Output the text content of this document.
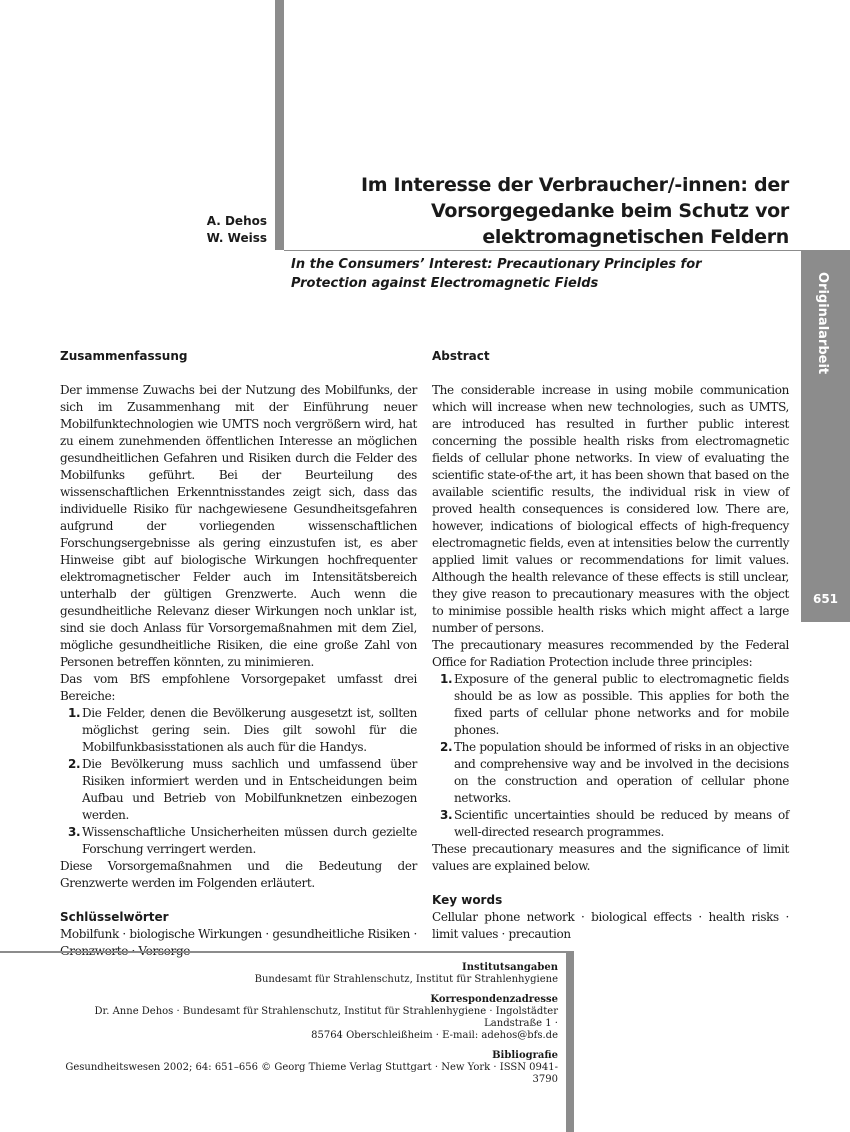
A. Dehos
W. Weiss
Im Interesse der Verbraucher/-innen: der
Vorsorgegedanke beim Schutz vor
elektromagnetischen Feldern
In the Consumers’ Interest: Precautionary Principles for Protection against Electromagnetic Fields	Originalarbeit
651

Zusammenfassung

Der immense Zuwachs bei der Nutzung des Mobilfunks, der sich im Zusammenhang mit der Einführung neuer Mobilfunktechnologien wie UMTS noch vergrößern wird, hat zu einem zunehmenden öffentlichen Interesse an möglichen gesundheitlichen Gefahren und Risiken durch die Felder des Mobilfunks geführt. Bei der Beurteilung des wissenschaftlichen Erkenntnisstandes zeigt sich, dass das individuelle Risiko für nachgewiesene Gesundheitsgefahren aufgrund der vorliegenden wissenschaftlichen Forschungsergebnisse als gering einzustufen ist, es aber Hinweise gibt auf biologische Wirkungen hochfrequenter elektromagnetischer Felder auch im Intensitätsbereich unterhalb der gültigen Grenzwerte. Auch wenn die gesundheitliche Relevanz dieser Wirkungen noch unklar ist, sind sie doch Anlass für Vorsorgemaßnahmen mit dem Ziel, mögliche gesundheitliche Risiken, die eine große Zahl von Personen betreffen könnten, zu minimieren.

Das vom BfS empfohlene Vorsorgepaket umfasst drei Bereiche:

1. Die Felder, denen die Bevölkerung ausgesetzt ist, sollten möglichst gering sein. Dies gilt sowohl für die Mobilfunkbasisstationen als auch für die Handys.
2. Die Bevölkerung muss sachlich und umfassend über Risiken informiert werden und in Entscheidungen beim Aufbau und Betrieb von Mobilfunknetzen einbezogen werden.
3. Wissenschaftliche Unsicherheiten müssen durch gezielte Forschung verringert werden.

Diese Vorsorgemaßnahmen und die Bedeutung der Grenzwerte werden im Folgenden erläutert.

Schlüsselwörter

Mobilfunk · biologische Wirkungen · gesundheitliche Risiken ·

Abstract

The considerable increase in using mobile communication which will increase when new technologies, such as UMTS, are introduced has resulted in further public interest concerning the possible health risks from electromagnetic fields of cellular phone networks. In view of evaluating the scientific state-of-the art, it has been shown that based on the available scientific results, the individual risk in view of proved health consequences is considered low. There are, however, indications of biological effects of high-frequency electromagnetic fields, even at intensities below the currently applied limit values or recommendations for limit values. Although the health relevance of these effects is still unclear, they give reason to precautionary measures with the object to minimise possible health risks which might affect a large number of persons.

The precautionary measures recommended by the Federal Office for Radiation Protection include three principles:

1. Exposure of the general public to electromagnetic fields should be as low as possible. This applies for both the fixed parts of cellular phone networks and for mobile phones.
2. The population should be informed of risks in an objective and comprehensive way and be involved in the decisions on the construction and operation of cellular phone networks.
3. Scientific uncertainties should be reduced by means of well-directed research programmes.

These precautionary measures and the significance of limit values are explained below.

Key words

Cellular phone network · biological effects · health risks · limit values · precaution

Institutsangaben
Bundesamt für Strahlenschutz, Institut für Strahlenhygiene
Korrespondenzadresse
Dr. Anne Dehos · Bundesamt für Strahlenschutz, Institut für Strahlenhygiene · Ingolstädter Landstraße 1 ·
85764 Oberschleißheim · E-mail: adehos@bfs.de
Bibliografie
Gesundheitswesen 2002; 64: 651–656 © Georg Thieme Verlag Stuttgart · New York · ISSN 0941-3790
